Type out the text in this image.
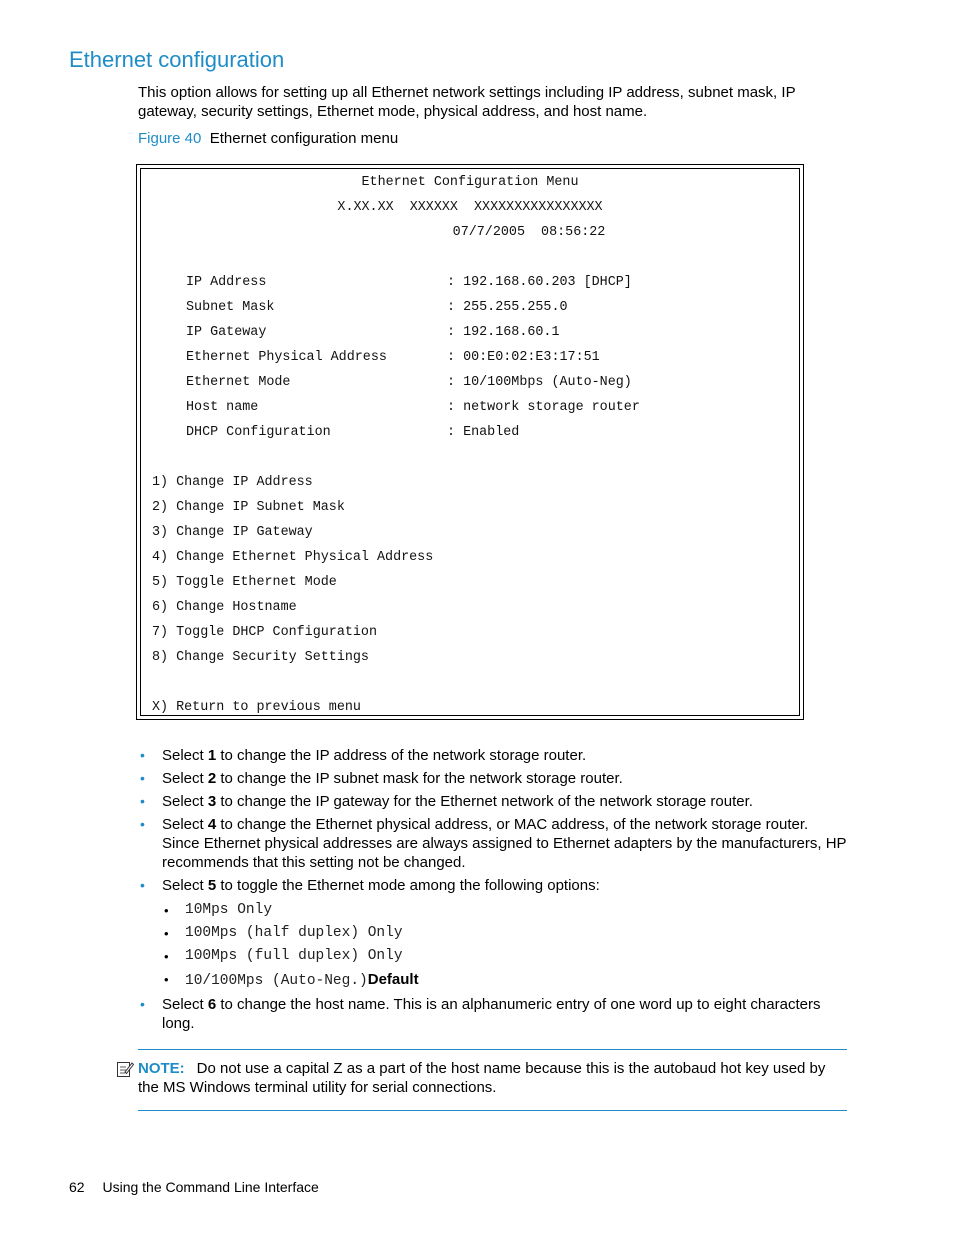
Ethernet configuration

This option allows for setting up all Ethernet network settings including IP address, subnet mask, IP gateway, security settings, Ethernet mode, physical address, and host name.

Figure 40 Ethernet configuration menu
Ethernet Configuration Menu
X.XX.XX  XXXXXX  XXXXXXXXXXXXXXXX
07/7/2005  08:56:22
IP Address	: 192.168.60.203 [DHCP]
Subnet Mask	: 255.255.255.0
IP Gateway	: 192.168.60.1
Ethernet Physical Address	: 00:E0:02:E3:17:51
Ethernet Mode	: 10/100Mbps (Auto-Neg)
Host name	: network storage router
DHCP Configuration	: Enabled
1) Change IP Address
2) Change IP Subnet Mask
3) Change IP Gateway
4) Change Ethernet Physical Address
5) Toggle Ethernet Mode
6) Change Hostname
7) Toggle DHCP Configuration
8) Change Security Settings
X) Return to previous menu
• Select 1 to change the IP address of the network storage router.
• Select 2 to change the IP subnet mask for the network storage router.
• Select 3 to change the IP gateway for the Ethernet network of the network storage router.
• Select 4 to change the Ethernet physical address, or MAC address, of the network storage router. Since Ethernet physical addresses are always assigned to Ethernet adapters by the manufacturers, HP recommends that this setting not be changed.
• Select 5 to toggle the Ethernet mode among the following options:
• 10Mps Only
• 100Mps (half duplex) Only
• 100Mps (full duplex) Only
• 10/100Mps (Auto-Neg.)Default
• Select 6 to change the host name. This is an alphanumeric entry of one word up to eight characters long.
NOTE: Do not use a capital Z as a part of the host name because this is the autobaud hot key used by the MS Windows terminal utility for serial connections.
62 Using the Command Line Interface
